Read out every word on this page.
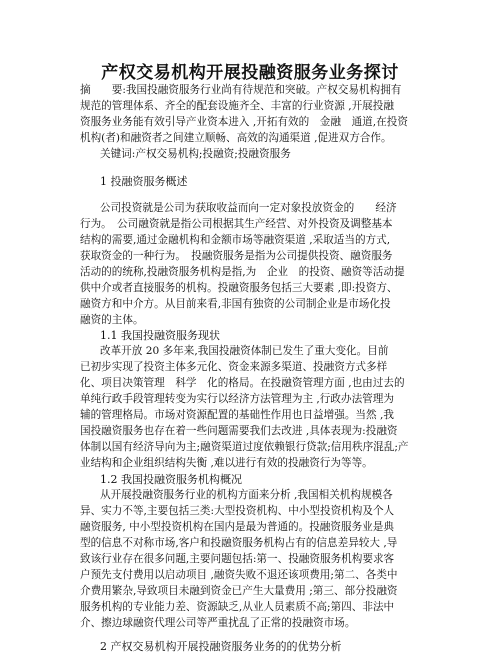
产权交易机构开展投融资服务业务探讨
摘　　要:我国投融资服务行业尚有待规范和突破。产权交易机构拥有
规范的管理体系、齐全的配套设施齐全、丰富的行业资源 ,开展投融
资服务业务能有效引导产业资本进入 ,开拓有效的　金融　通道,在投资
机构(者)和融资者之间建立顺畅、高效的沟通渠道 ,促进双方合作。
关键词:产权交易机构;投融资;投融资服务
1 投融资服务概述
公司投资就是公司为获取收益而向一定对象投放资金的　　经济
行为。　公司融资就是指公司根据其生产经营、对外投资及调整基本
结构的需要,通过金融机构和金额市场等融资渠道 ,采取适当的方式,
获取资金的一种行为。　投融资服务是指为公司提供投资、融资服务
活动的的统称,投融资服务机构是指,为　企业　的投资、融资等活动提
供中介或者直接服务的机构。投融资服务包括三大要素 ,即:投资方、
融资方和中介方。从目前来看,非国有独资的公司制企业是市场化投
融资的主体。
1.1 我国投融资服务现状
改革开放 20 多年来,我国投融资体制已发生了重大变化。目前
已初步实现了投资主体多元化、资金来源多渠道、投融资方式多样
化、项目决策管理　科学　化的格局。在投融资管理方面 ,也由过去的
单纯行政手段管理转变为实行以经济方法管理为主 ,行政办法管理为
辅的管理格局。市场对资源配置的基础性作用也日益增强。当然 ,我
国投融资服务也存在着一些问题需要我们去改进 ,具体表现为:投融资
体制以国有经济导向为主;融资渠道过度依赖银行贷款;信用秩序混乱;产
业结构和企业组织结构失衡 ,难以进行有效的投融资行为等等。
1.2 我国投融资服务机构概况
从开展投融资服务行业的机构方面来分析 ,我国相关机构规模各
异、实力不等,主要包括三类:大型投资机构、中小型投资机构及个人
融资服务, 中小型投资机构在国内是最为普通的。投融资服务业是典
型的信息不对称市场,客户和投融资服务机构占有的信息差异较大 ,导
致该行业存在很多问题,主要问题包括:第一、投融资服务机构要求客
户预先支付费用以启动项目 ,融资失败不退还该项费用;第二、各类中
介费用繁杂,导致项目未融到资金已产生大量费用 ;第三、部分投融资
服务机构的专业能力差、资源缺乏,从业人员素质不高;第四、非法中
介、擦边球融资代理公司等严重扰乱了正常的投融资市场。
2 产权交易机构开展投融资服务业务的的优势分析
